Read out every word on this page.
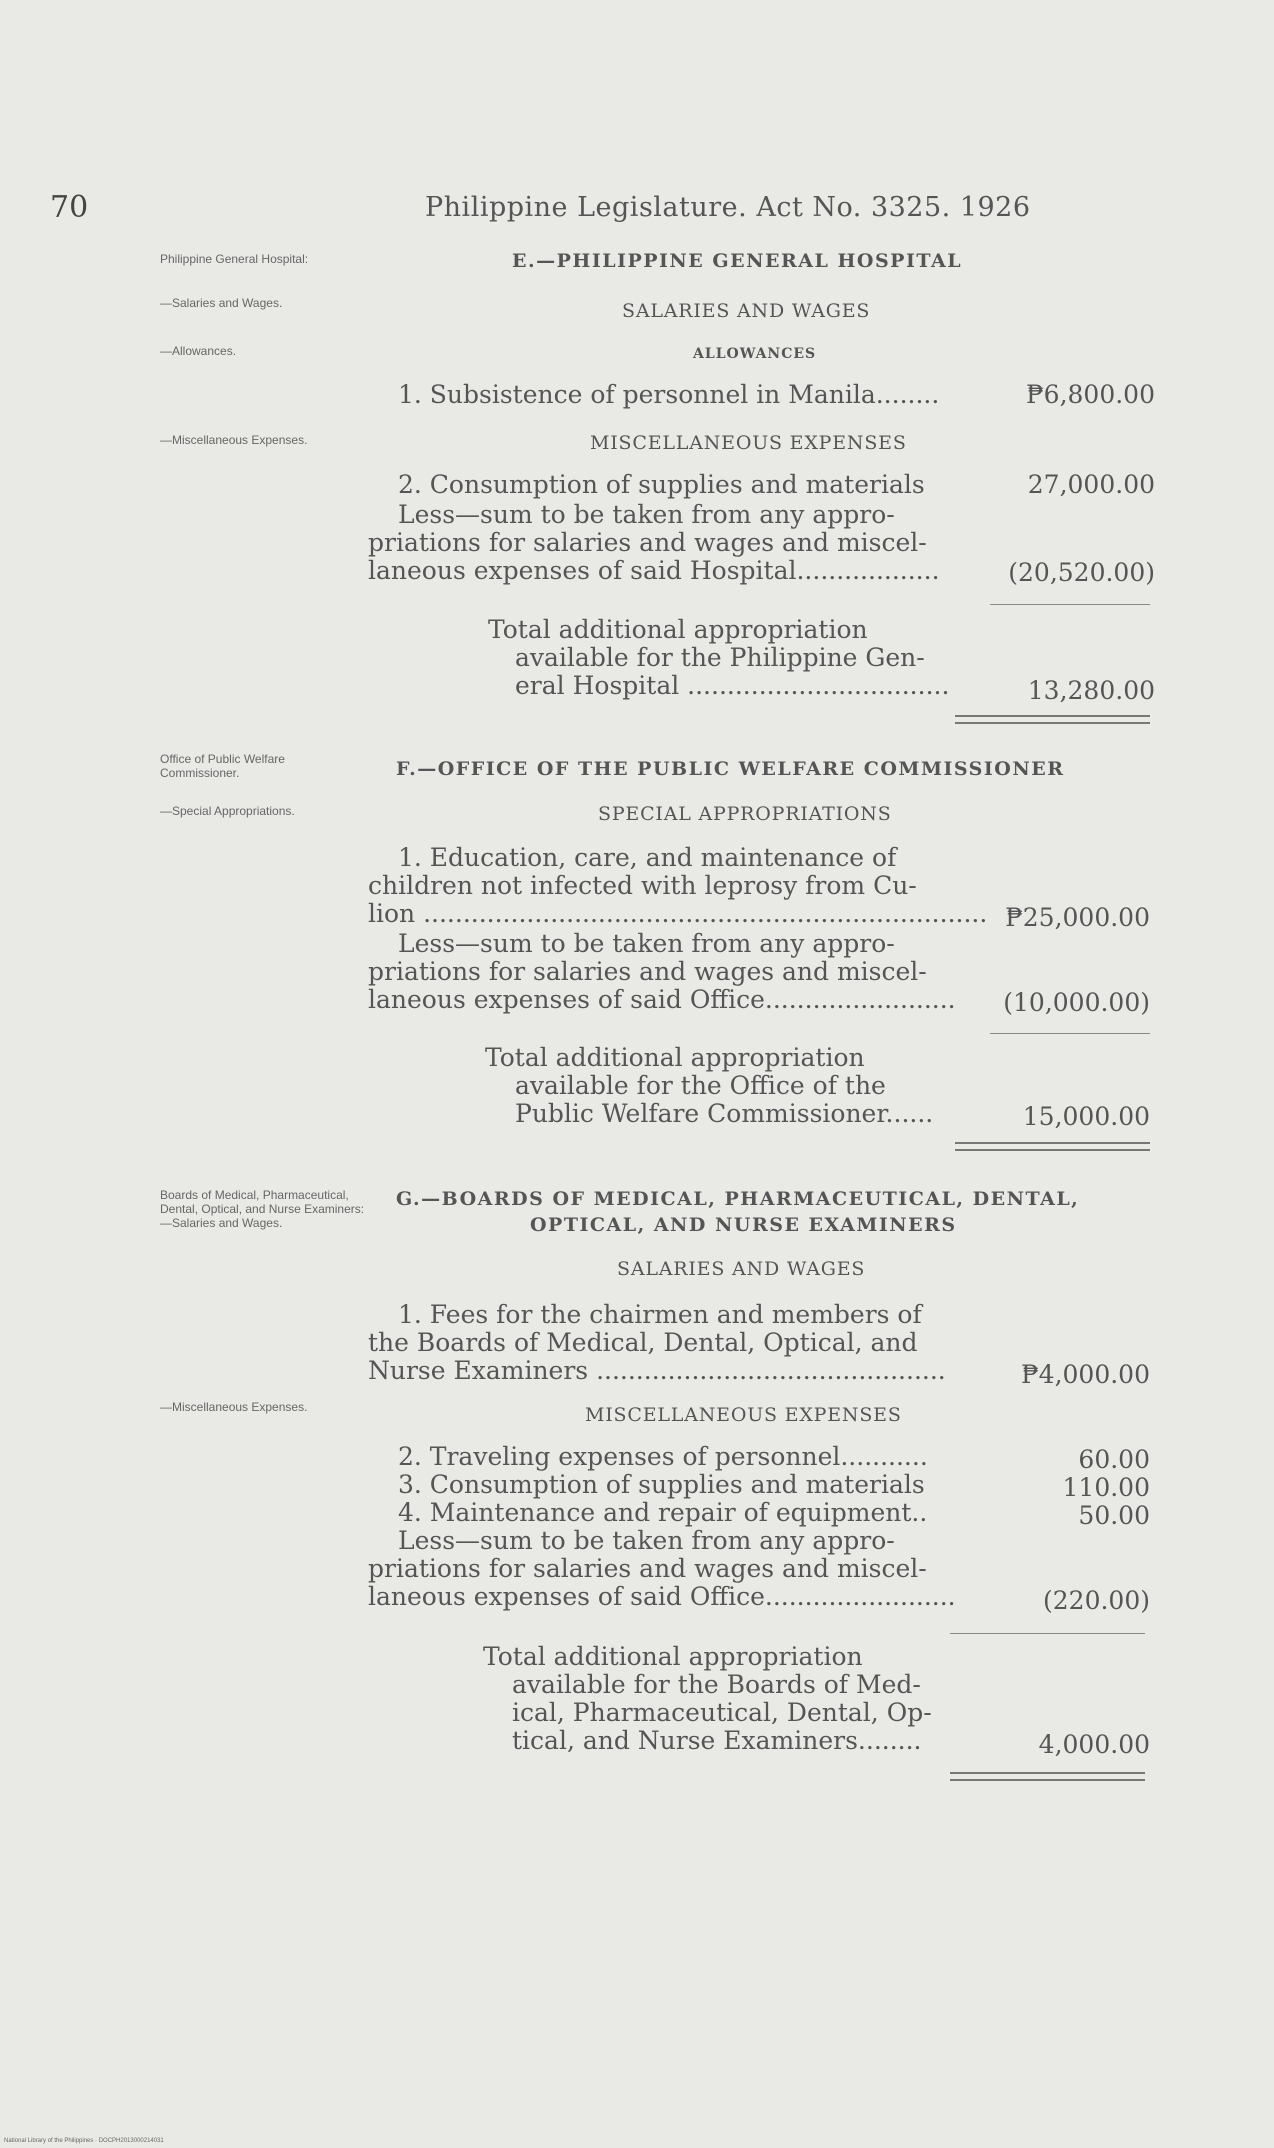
70	Philippine Legislature. Act No. 3325. 1926
Philippine General Hospital:
—Salaries and Wages.
—Allowances.
—Miscellaneous Expenses.
E.—PHILIPPINE GENERAL HOSPITAL
SALARIES AND WAGES
ALLOWANCES
1. Subsistence of personnel in Manila........	₱6,800.00
MISCELLANEOUS EXPENSES
2. Consumption of supplies and materials	27,000.00
Less—sum to be taken from any appro-
priations for salaries and wages and miscel-
laneous expenses of said Hospital..................	(20,520.00)
Total additional appropriation
available for the Philippine Gen-
eral Hospital .................................	13,280.00
Office of Public Welfare Commissioner.
—Special Appropriations.
F.—OFFICE OF THE PUBLIC WELFARE COMMISSIONER
SPECIAL APPROPRIATIONS
1. Education, care, and maintenance of
children not infected with leprosy from Cu-
lion ....................................................................... ₱25,000.00
Less—sum to be taken from any appro-
priations for salaries and wages and miscel-
laneous expenses of said Office........................	(10,000.00)
Total additional appropriation
available for the Office of the
Public Welfare Commissioner......	15,000.00
Boards of Medical, Pharmaceutical, Dental, Optical, and Nurse Examiners: —Salaries and Wages.
—Miscellaneous Expenses.
G.—BOARDS OF MEDICAL, PHARMACEUTICAL, DENTAL,
OPTICAL, AND NURSE EXAMINERS
SALARIES AND WAGES
1. Fees for the chairmen and members of
the Boards of Medical, Dental, Optical, and
Nurse Examiners ............................................	₱4,000.00
MISCELLANEOUS EXPENSES
2. Traveling expenses of personnel...........	60.00
3. Consumption of supplies and materials	110.00
4. Maintenance and repair of equipment..	50.00
Less—sum to be taken from any appro-
priations for salaries and wages and miscel-
laneous expenses of said Office........................	(220.00)
Total additional appropriation
available for the Boards of Med-
ical, Pharmaceutical, Dental, Op-
tical, and Nurse Examiners........	4,000.00
National Library of the Philippines · DOCPH2013000214031
